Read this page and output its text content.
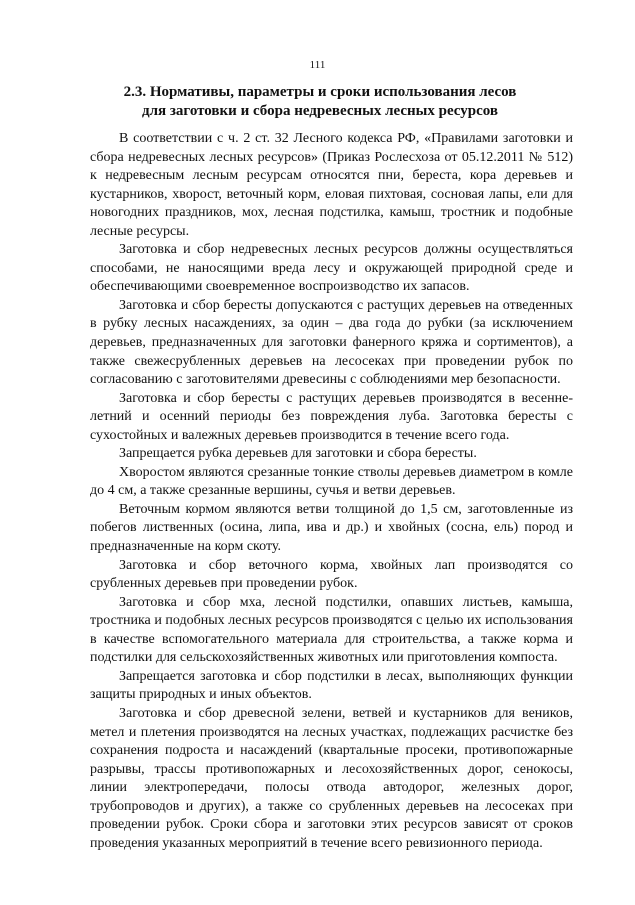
111
2.3. Нормативы, параметры и сроки использования лесов
для заготовки и сбора недревесных лесных ресурсов

В соответствии с ч. 2 ст. 32 Лесного кодекса РФ, «Правилами заготовки и сбора недревесных лесных ресурсов» (Приказ Рослесхоза от 05.12.2011 № 512) к недревесным лесным ресурсам относятся пни, береста, кора деревьев и кустарников, хворост, веточный корм, еловая пихтовая, сосновая лапы, ели для новогодних праздников, мох, лесная подстилка, камыш, тростник и подобные лесные ресурсы.

Заготовка и сбор недревесных лесных ресурсов должны осуществляться способами, не наносящими вреда лесу и окружающей природной среде и обеспечивающими своевременное воспроизводство их запасов.

Заготовка и сбор бересты допускаются с растущих деревьев на отведенных в рубку лесных насаждениях, за один – два года до рубки (за исключением деревьев, предназначенных для заготовки фанерного кряжа и сортиментов), а также свежесрубленных деревьев на лесосеках при проведении рубок по согласованию с заготовителями древесины с соблюдениями мер безопасности.

Заготовка и сбор бересты с растущих деревьев производятся в весенне-летний и осенний периоды без повреждения луба. Заготовка бересты с сухостойных и валежных деревьев производится в течение всего года.

Запрещается рубка деревьев для заготовки и сбора бересты.

Хворостом являются срезанные тонкие стволы деревьев диаметром в комле до 4 см, а также срезанные вершины, сучья и ветви деревьев.

Веточным кормом являются ветви толщиной до 1,5 см, заготовленные из побегов лиственных (осина, липа, ива и др.) и хвойных (сосна, ель) пород и предназначенные на корм скоту.

Заготовка и сбор веточного корма, хвойных лап производятся со срубленных деревьев при проведении рубок.

Заготовка и сбор мха, лесной подстилки, опавших листьев, камыша, тростника и подобных лесных ресурсов производятся с целью их использования в качестве вспомогательного материала для строительства, а также корма и подстилки для сельскохозяйственных животных или приготовления компоста.

Запрещается заготовка и сбор подстилки в лесах, выполняющих функции защиты природных и иных объектов.

Заготовка и сбор древесной зелени, ветвей и кустарников для веников, метел и плетения производятся на лесных участках, подлежащих расчистке без сохранения подроста и насаждений (квартальные просеки, противопожарные разрывы, трассы противопожарных и лесохозяйственных дорог, сенокосы, линии электропередачи, полосы отвода автодорог, железных дорог, трубопроводов и других), а также со срубленных деревьев на лесосеках при проведении рубок. Сроки сбора и заготовки этих ресурсов зависят от сроков проведения указанных мероприятий в течение всего ревизионного периода.
